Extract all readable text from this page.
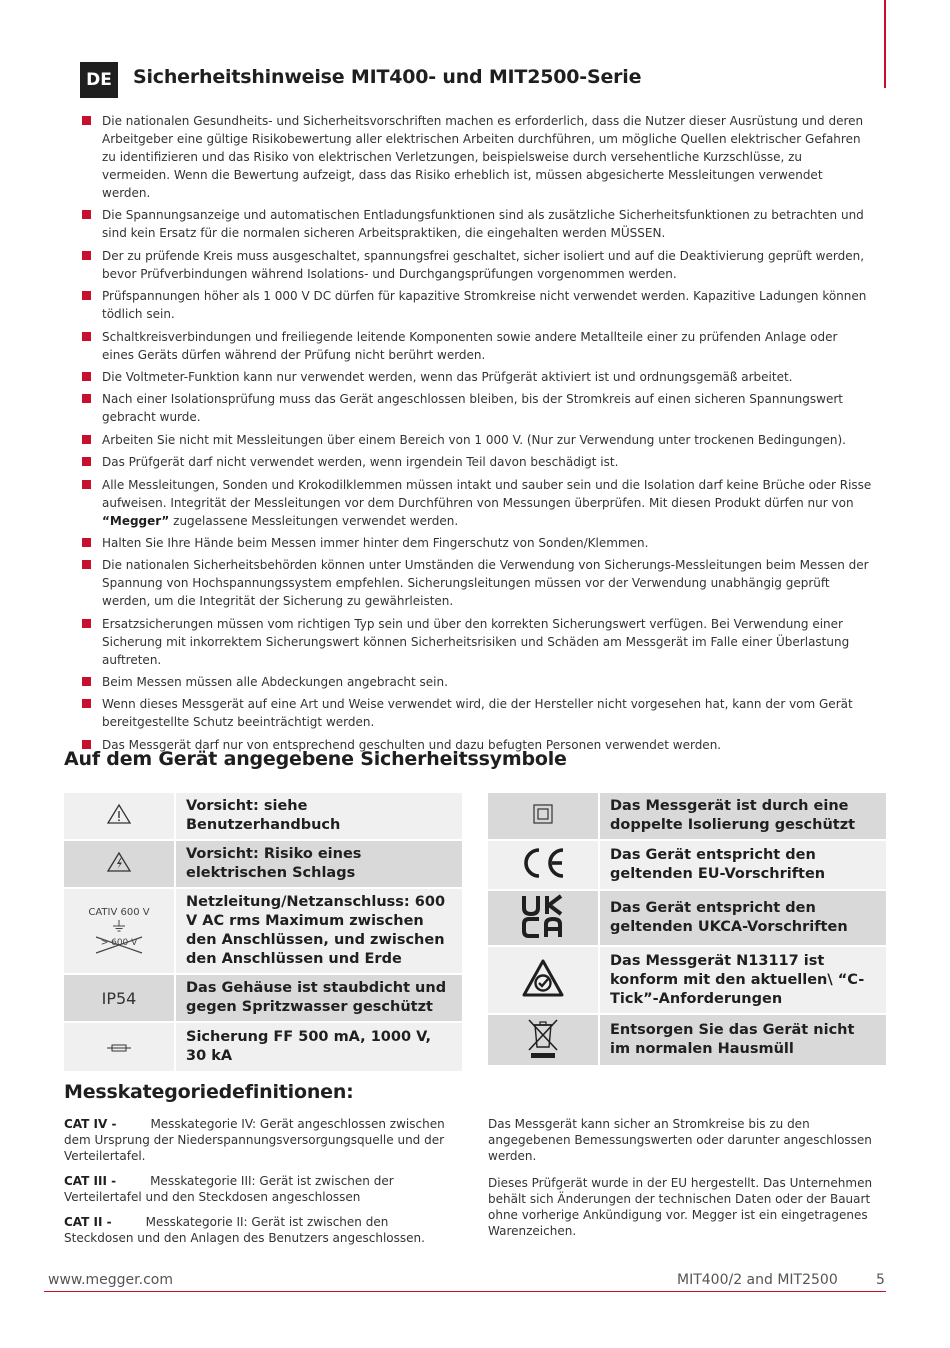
DE	Sicherheitshinweise MIT400- und MIT2500-Serie
Die nationalen Gesundheits- und Sicherheitsvorschriften machen es erforderlich, dass die Nutzer dieser Ausrüstung und deren Arbeitgeber eine gültige Risikobewertung aller elektrischen Arbeiten durchführen, um mögliche Quellen elektrischer Gefahren zu identifizieren und das Risiko von elektrischen Verletzungen, beispielsweise durch versehentliche Kurzschlüsse, zu vermeiden. Wenn die Bewertung aufzeigt, dass das Risiko erheblich ist, müssen abgesicherte Messleitungen verwendet werden.
Die Spannungsanzeige und automatischen Entladungsfunktionen sind als zusätzliche Sicherheitsfunktionen zu betrachten und sind kein Ersatz für die normalen sicheren Arbeitspraktiken, die eingehalten werden MÜSSEN.
Der zu prüfende Kreis muss ausgeschaltet, spannungsfrei geschaltet, sicher isoliert und auf die Deaktivierung geprüft werden, bevor Prüfverbindungen während Isolations- und Durchgangsprüfungen vorgenommen werden.
Prüfspannungen höher als 1 000 V DC dürfen für kapazitive Stromkreise nicht verwendet werden. Kapazitive Ladungen können tödlich sein.
Schaltkreisverbindungen und freiliegende leitende Komponenten sowie andere Metallteile einer zu prüfenden Anlage oder eines Geräts dürfen während der Prüfung nicht berührt werden.
Die Voltmeter-Funktion kann nur verwendet werden, wenn das Prüfgerät aktiviert ist und ordnungsgemäß arbeitet.
Nach einer Isolationsprüfung muss das Gerät angeschlossen bleiben, bis der Stromkreis auf einen sicheren Spannungswert gebracht wurde.
Arbeiten Sie nicht mit Messleitungen über einem Bereich von 1 000 V. (Nur zur Verwendung unter trockenen Bedingungen).
Das Prüfgerät darf nicht verwendet werden, wenn irgendein Teil davon beschädigt ist.
Alle Messleitungen, Sonden und Krokodilklemmen müssen intakt und sauber sein und die Isolation darf keine Brüche oder Risse aufweisen. Integrität der Messleitungen vor dem Durchführen von Messungen überprüfen. Mit diesen Produkt dürfen nur von
“Megger” zugelassene Messleitungen verwendet werden.
Halten Sie Ihre Hände beim Messen immer hinter dem Fingerschutz von Sonden/Klemmen.
Die nationalen Sicherheitsbehörden können unter Umständen die Verwendung von Sicherungs-Messleitungen beim Messen der Spannung von Hochspannungssystem empfehlen. Sicherungsleitungen müssen vor der Verwendung unabhängig geprüft werden, um die Integrität der Sicherung zu gewährleisten.
Ersatzsicherungen müssen vom richtigen Typ sein und über den korrekten Sicherungswert verfügen. Bei Verwendung einer Sicherung mit inkorrektem Sicherungswert können Sicherheitsrisiken und Schäden am Messgerät im Falle einer Überlastung auftreten.
Beim Messen müssen alle Abdeckungen angebracht sein.
Wenn dieses Messgerät auf eine Art und Weise verwendet wird, die der Hersteller nicht vorgesehen hat, kann der vom Gerät bereitgestellte Schutz beeinträchtigt werden.
Das Messgerät darf nur von entsprechend geschulten und dazu befugten Personen verwendet werden.
Auf dem Gerät angegebene Sicherheitssymbole
	Vorsicht: siehe Benutzerhandbuch
	Vorsicht: Risiko eines elektrischen Schlags

CATIV 600 V
> 600 V	Netzleitung/Netzanschluss: 600 V AC rms Maximum zwischen den Anschlüssen, und zwischen den Anschlüssen und Erde
IP54	Das Gehäuse ist staubdicht und gegen Spritzwasser geschützt
	Sicherung FF 500 mA, 1000 V, 30 kA
	Das Messgerät ist durch eine doppelte Isolierung geschützt
	Das Gerät entspricht den geltenden EU-Vorschriften
	Das Gerät entspricht den geltenden UKCA-Vorschriften
	Das Messgerät N13117 ist konform mit den aktuellen\ “C-Tick”-Anforderungen
	Entsorgen Sie das Gerät nicht im normalen Hausmüll
Messkategoriedefinitionen:

CAT IV -	Messkategorie IV: Gerät angeschlossen zwischen dem Ursprung der Niederspannungsversorgungsquelle und der Verteilertafel.

CAT III -	Messkategorie III: Gerät ist zwischen der Verteilertafel und den Steckdosen angeschlossen

CAT II -	Messkategorie II: Gerät ist zwischen den Steckdosen und den Anlagen des Benutzers angeschlossen.

Das Messgerät kann sicher an Stromkreise bis zu den angegebenen Bemessungswerten oder darunter angeschlossen werden.

Dieses Prüfgerät wurde in der EU hergestellt. Das Unternehmen behält sich Änderungen der technischen Daten oder der Bauart ohne vorherige Ankündigung vor. Megger ist ein eingetragenes Warenzeichen.

www.megger.com	MIT400/2 and MIT2500	5
